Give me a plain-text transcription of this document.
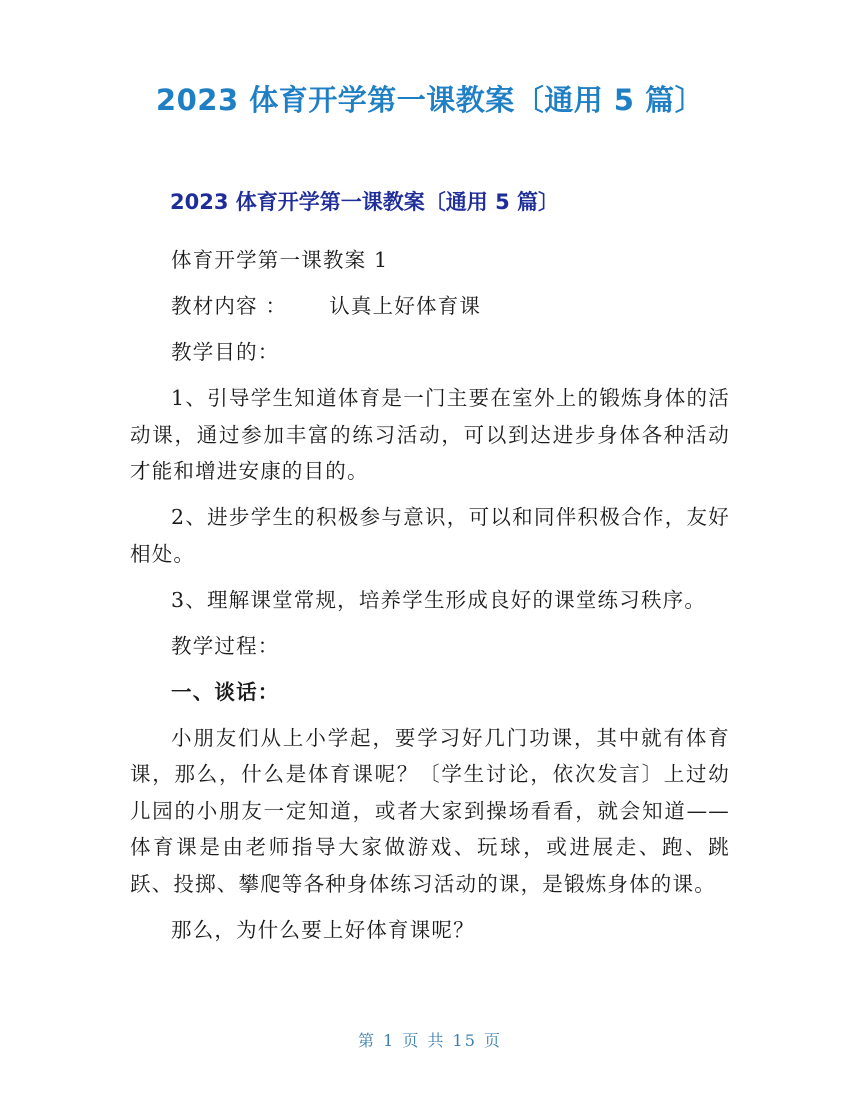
2023 体育开学第一课教案〔通用 5 篇〕
2023 体育开学第一课教案〔通用 5 篇〕

体育开学第一课教案 1

教材内容 ： 认真上好体育课

教学目的：

1、引导学生知道体育是一门主要在室外上的锻炼身体的活动课，通过参加丰富的练习活动，可以到达进步身体各种活动才能和增进安康的目的。

2、进步学生的积极参与意识，可以和同伴积极合作，友好相处。

3、理解课堂常规，培养学生形成良好的课堂练习秩序。

教学过程：

一、谈话：

小朋友们从上小学起，要学习好几门功课，其中就有体育课，那么，什么是体育课呢？〔学生讨论，依次发言〕上过幼儿园的小朋友一定知道，或者大家到操场看看，就会知道——体育课是由老师指导大家做游戏、玩球，或进展走、跑、跳跃、投掷、攀爬等各种身体练习活动的课，是锻炼身体的课。

那么，为什么要上好体育课呢？

第 1 页 共 15 页
